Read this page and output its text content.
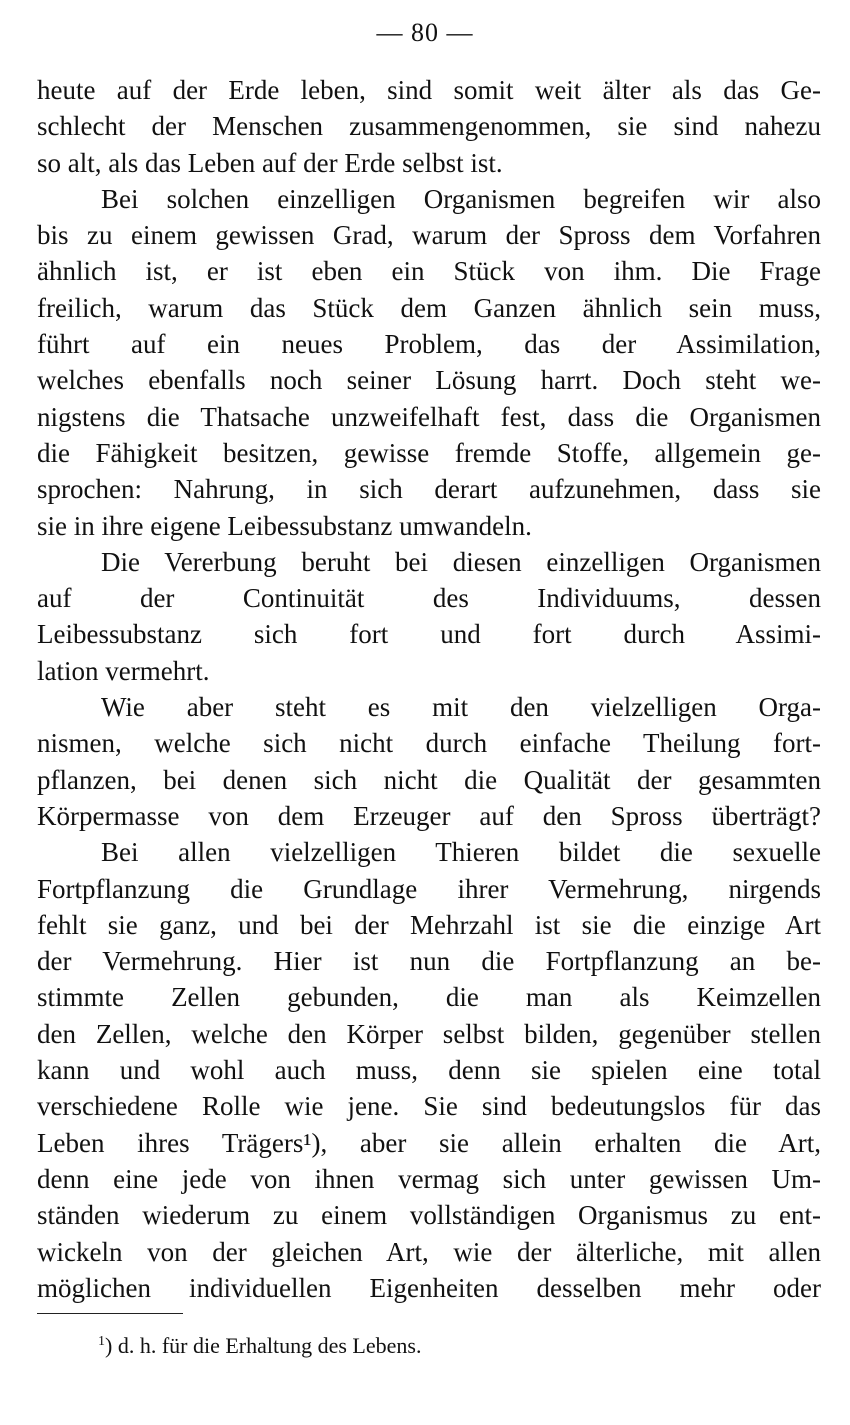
— 80 —
heute auf der Erde leben, sind somit weit älter als das Ge-
schlecht der Menschen zusammengenommen, sie sind nahezu
so alt, als das Leben auf der Erde selbst ist.
Bei solchen einzelligen Organismen begreifen wir also
bis zu einem gewissen Grad, warum der Spross dem Vorfahren
ähnlich ist, er ist eben ein Stück von ihm. Die Frage
freilich, warum das Stück dem Ganzen ähnlich sein muss,
führt auf ein neues Problem, das der Assimilation,
welches ebenfalls noch seiner Lösung harrt. Doch steht we-
nigstens die Thatsache unzweifelhaft fest, dass die Organismen
die Fähigkeit besitzen, gewisse fremde Stoffe, allgemein ge-
sprochen: Nahrung, in sich derart aufzunehmen, dass sie
sie in ihre eigene Leibessubstanz umwandeln.
Die Vererbung beruht bei diesen einzelligen Organismen
auf der Continuität des Individuums, dessen
Leibessubstanz sich fort und fort durch Assimi-
lation vermehrt.
Wie aber steht es mit den vielzelligen Orga-
nismen, welche sich nicht durch einfache Theilung fort-
pflanzen, bei denen sich nicht die Qualität der gesammten
Körpermasse von dem Erzeuger auf den Spross überträgt?
Bei allen vielzelligen Thieren bildet die sexuelle
Fortpflanzung die Grundlage ihrer Vermehrung, nirgends
fehlt sie ganz, und bei der Mehrzahl ist sie die einzige Art
der Vermehrung. Hier ist nun die Fortpflanzung an be-
stimmte Zellen gebunden, die man als Keimzellen
den Zellen, welche den Körper selbst bilden, gegenüber stellen
kann und wohl auch muss, denn sie spielen eine total
verschiedene Rolle wie jene. Sie sind bedeutungslos für das
Leben ihres Trägers¹), aber sie allein erhalten die Art,
denn eine jede von ihnen vermag sich unter gewissen Um-
ständen wiederum zu einem vollständigen Organismus zu ent-
wickeln von der gleichen Art, wie der älterliche, mit allen
möglichen individuellen Eigenheiten desselben mehr oder
$^1$) d. h. für die Erhaltung des Lebens.
